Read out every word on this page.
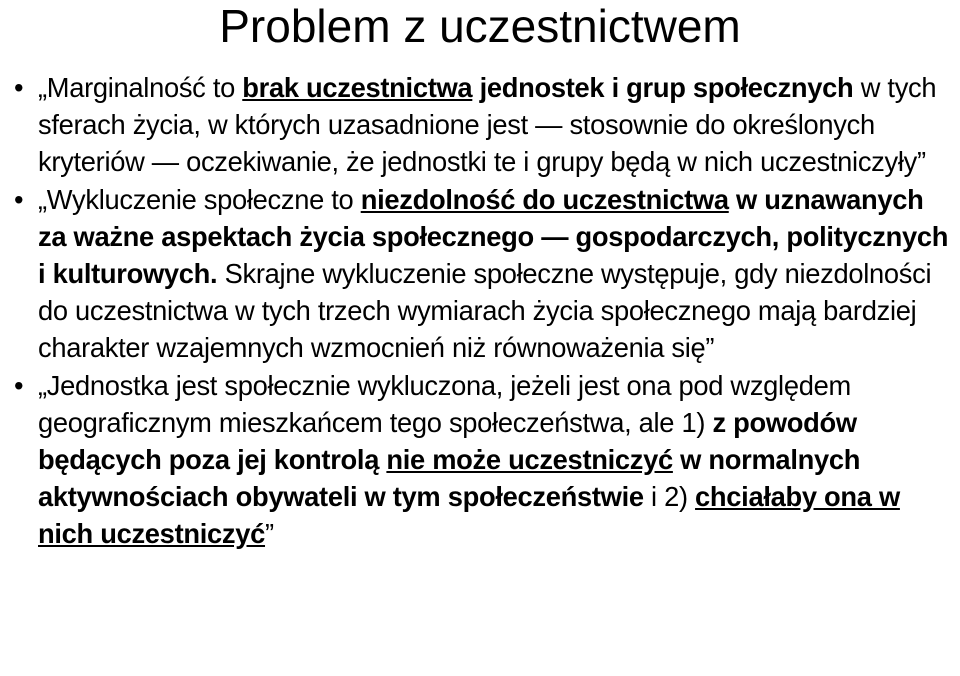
Problem z uczestnictwem
• „Marginalność to brak uczestnictwa jednostek i grup społecznych w tych sferach życia, w których uzasadnione jest — stosownie do określonych kryteriów — oczekiwanie, że jednostki te i grupy będą w nich uczestniczyły”
• „Wykluczenie społeczne to niezdolność do uczestnictwa w uznawanych za ważne aspektach życia społecznego — gospodarczych, politycznych i kulturowych. Skrajne wykluczenie społeczne występuje, gdy niezdolności do uczestnictwa w tych trzech wymiarach życia społecznego mają bardziej charakter wzajemnych wzmocnień niż równoważenia się”
• „Jednostka jest społecznie wykluczona, jeżeli jest ona pod względem geograficznym mieszkańcem tego społeczeństwa, ale 1) z powodów będących poza jej kontrolą nie może uczestniczyć w normalnych aktywnościach obywateli w tym społeczeństwie i 2) chciałaby ona w nich uczestniczyć”
